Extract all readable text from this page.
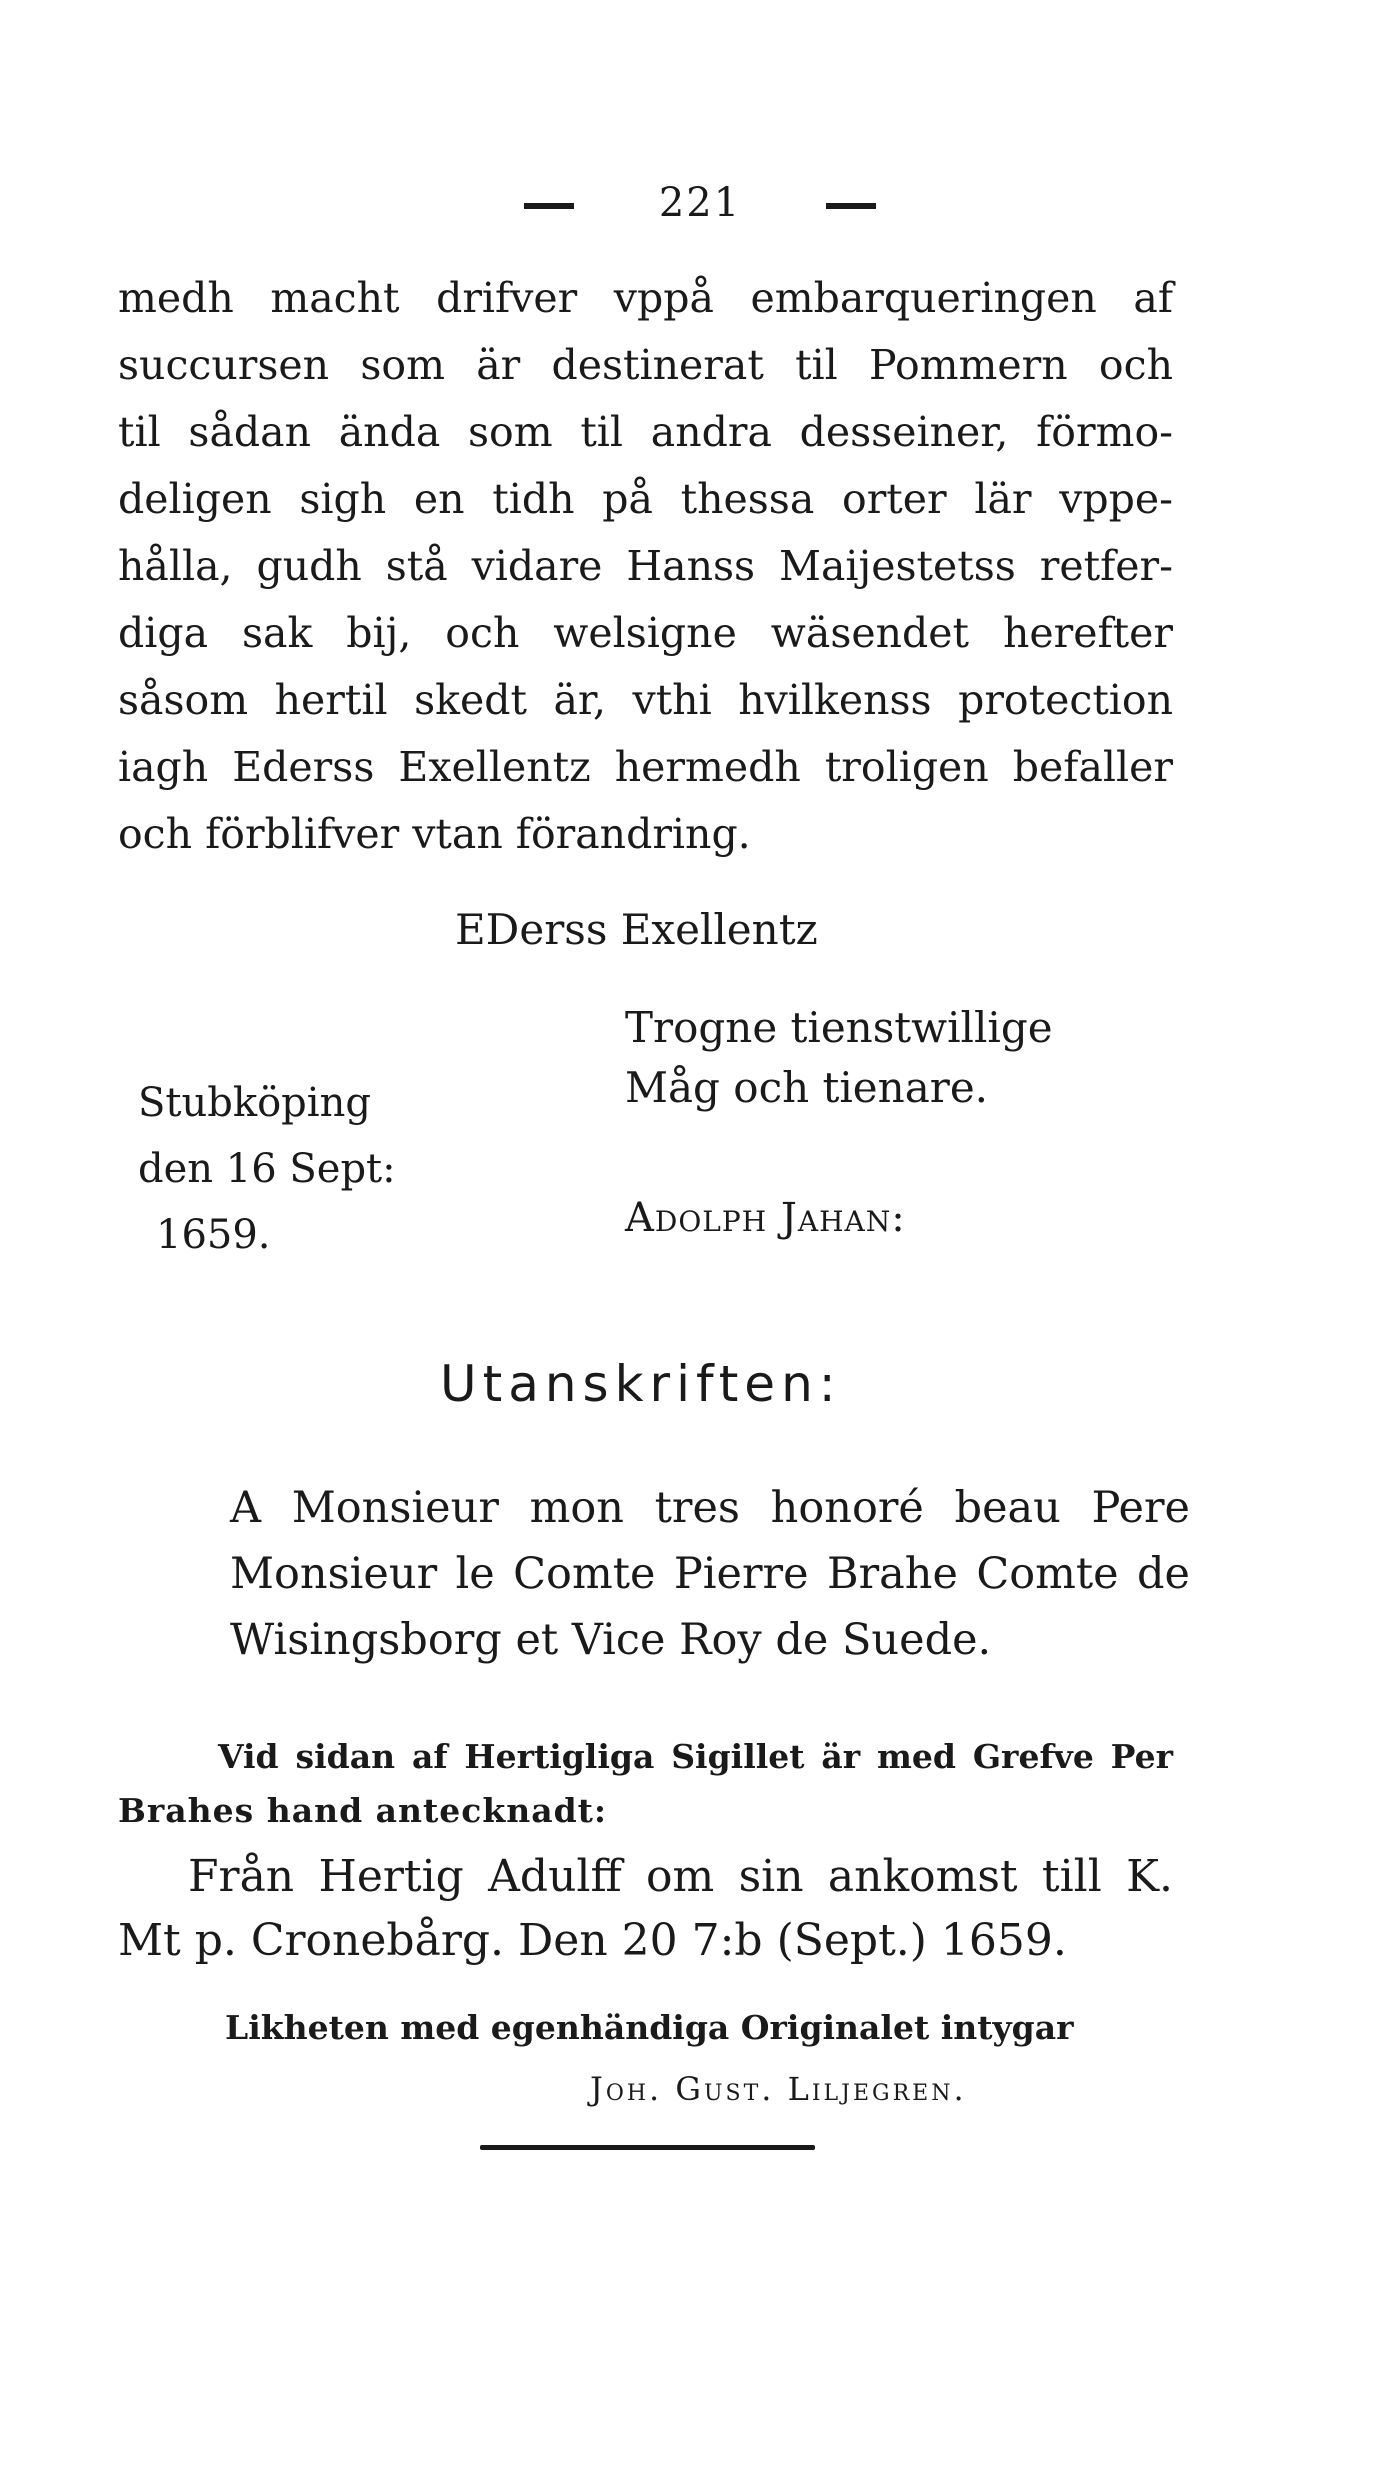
221
medh macht drifver vppå embarqueringen af
succursen som är destinerat til Pommern och
til sådan ända som til andra desseiner, förmo-
deligen sigh en tidh på thessa orter lär vppe-
hålla, gudh stå vidare Hanss Maijestetss retfer-
diga sak bij, och welsigne wäsendet herefter
såsom hertil skedt är, vthi hvilkenss protection
iagh Ederss Exellentz hermedh troligen befaller
och förblifver vtan förandring.
EDerss Exellentz
Trogne tienstwillige
Måg och tienare.
Stubköping
den 16 Sept:
1659.	Adolph Jahan:
Utanskriften:
A Monsieur mon tres honoré beau Pere
Monsieur le Comte Pierre Brahe Comte de
Wisingsborg et Vice Roy de Suede.
Vid sidan af Hertigliga Sigillet är med Grefve Per
Brahes hand antecknadt:
Från Hertig Adulff om sin ankomst till K.
Mt p. Cronebårg. Den 20 7:b (Sept.) 1659.
Likheten med egenhändiga Originalet intygar
Joh. Gust. Liljegren.
